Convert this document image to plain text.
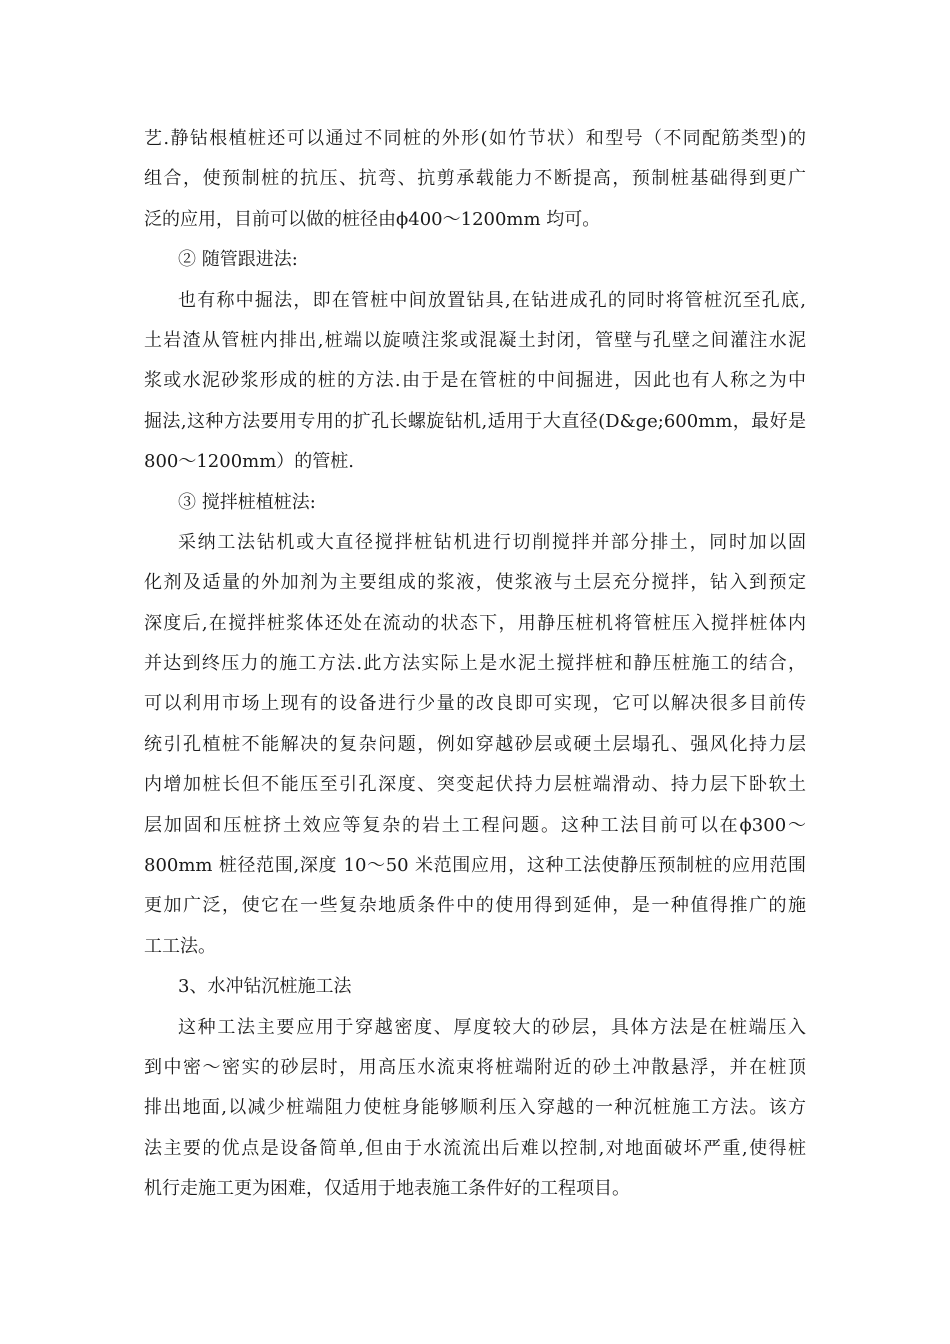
艺.静钻根植桩还可以通过不同桩的外形(如竹节状）和型号（不同配筋类型)的
组合，使预制桩的抗压、抗弯、抗剪承载能力不断提高，预制桩基础得到更广
泛的应用，目前可以做的桩径由ϕ400～1200mm 均可。
② 随管跟进法:
也有称中掘法，即在管桩中间放置钻具,在钻进成孔的同时将管桩沉至孔底,
土岩渣从管桩内排出,桩端以旋喷注浆或混凝土封闭，管壁与孔壁之间灌注水泥
浆或水泥砂浆形成的桩的方法.由于是在管桩的中间掘进，因此也有人称之为中
掘法,这种方法要用专用的扩孔长螺旋钻机,适用于大直径(D&ge;600mm，最好是
800～1200mm）的管桩.
③ 搅拌桩植桩法:
采纳工法钻机或大直径搅拌桩钻机进行切削搅拌并部分排土，同时加以固
化剂及适量的外加剂为主要组成的浆液，使浆液与土层充分搅拌，钻入到预定
深度后,在搅拌桩浆体还处在流动的状态下，用静压桩机将管桩压入搅拌桩体内
并达到终压力的施工方法.此方法实际上是水泥土搅拌桩和静压桩施工的结合，
可以利用市场上现有的设备进行少量的改良即可实现，它可以解决很多目前传
统引孔植桩不能解决的复杂问题，例如穿越砂层或硬土层塌孔、强风化持力层
内增加桩长但不能压至引孔深度、突变起伏持力层桩端滑动、持力层下卧软土
层加固和压桩挤土效应等复杂的岩土工程问题。这种工法目前可以在ϕ300～
800mm 桩径范围,深度 10～50 米范围应用，这种工法使静压预制桩的应用范围
更加广泛，使它在一些复杂地质条件中的使用得到延伸，是一种值得推广的施
工工法。
3、水冲钻沉桩施工法
这种工法主要应用于穿越密度、厚度较大的砂层，具体方法是在桩端压入
到中密～密实的砂层时，用高压水流束将桩端附近的砂土冲散悬浮，并在桩顶
排出地面,以减少桩端阻力使桩身能够顺利压入穿越的一种沉桩施工方法。该方
法主要的优点是设备简单,但由于水流流出后难以控制,对地面破坏严重,使得桩
机行走施工更为困难，仅适用于地表施工条件好的工程项目。
